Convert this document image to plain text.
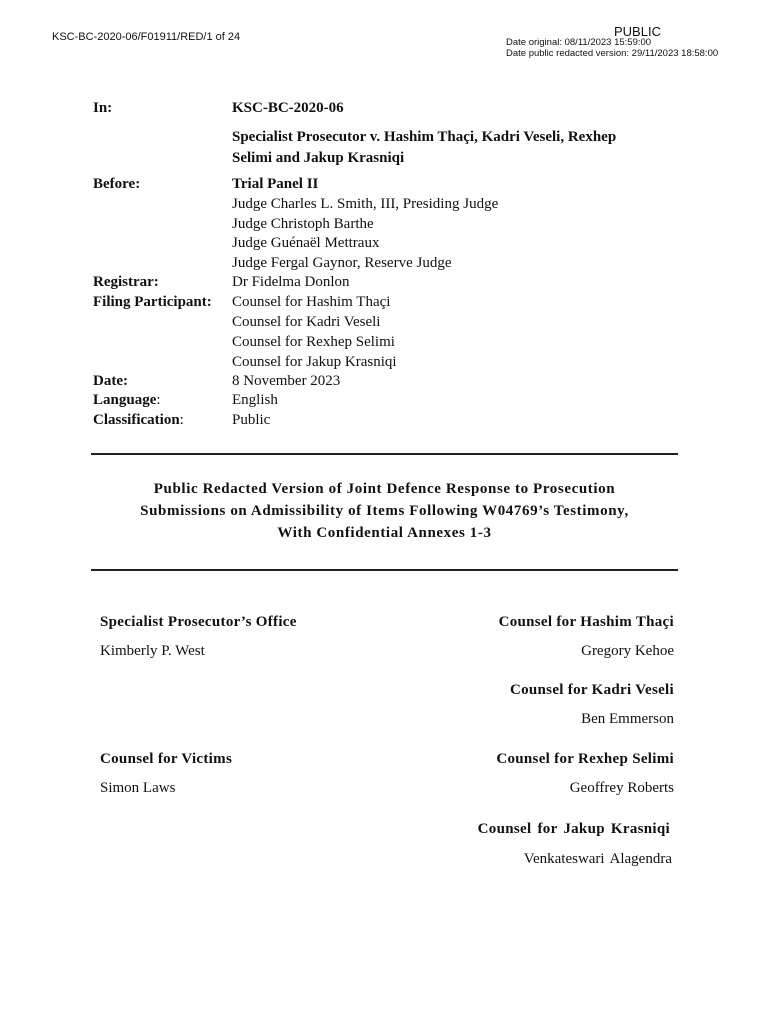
KSC-BC-2020-06/F01911/RED/1 of 24	PUBLIC
Date original: 08/11/2023 15:59:00
Date public redacted version: 29/11/2023 18:58:00
In:	KSC-BC-2020-06
Specialist Prosecutor v. Hashim Thaçi, Kadri Veseli, Rexhep
Selimi and Jakup Krasniqi
Before:	Trial Panel II
Judge Charles L. Smith, III, Presiding Judge
Judge Christoph Barthe
Judge Guénaël Mettraux
Judge Fergal Gaynor, Reserve Judge
Registrar:	Dr Fidelma Donlon
Filing Participant: Counsel for Hashim Thaçi
Counsel for Kadri Veseli
Counsel for Rexhep Selimi
Counsel for Jakup Krasniqi
Date:	8 November 2023
Language:	English
Classification:	Public
Public Redacted Version of Joint Defence Response to Prosecution
Submissions on Admissibility of Items Following W04769’s Testimony,
With Confidential Annexes 1-3
Specialist Prosecutor’s Office
Kimberly P. West
Counsel for Hashim Thaçi
Gregory Kehoe
Counsel for Kadri Veseli
Ben Emmerson
Counsel for Victims
Simon Laws
Counsel for Rexhep Selimi
Geoffrey Roberts
Counsel for Jakup Krasniqi
Venkateswari Alagendra
